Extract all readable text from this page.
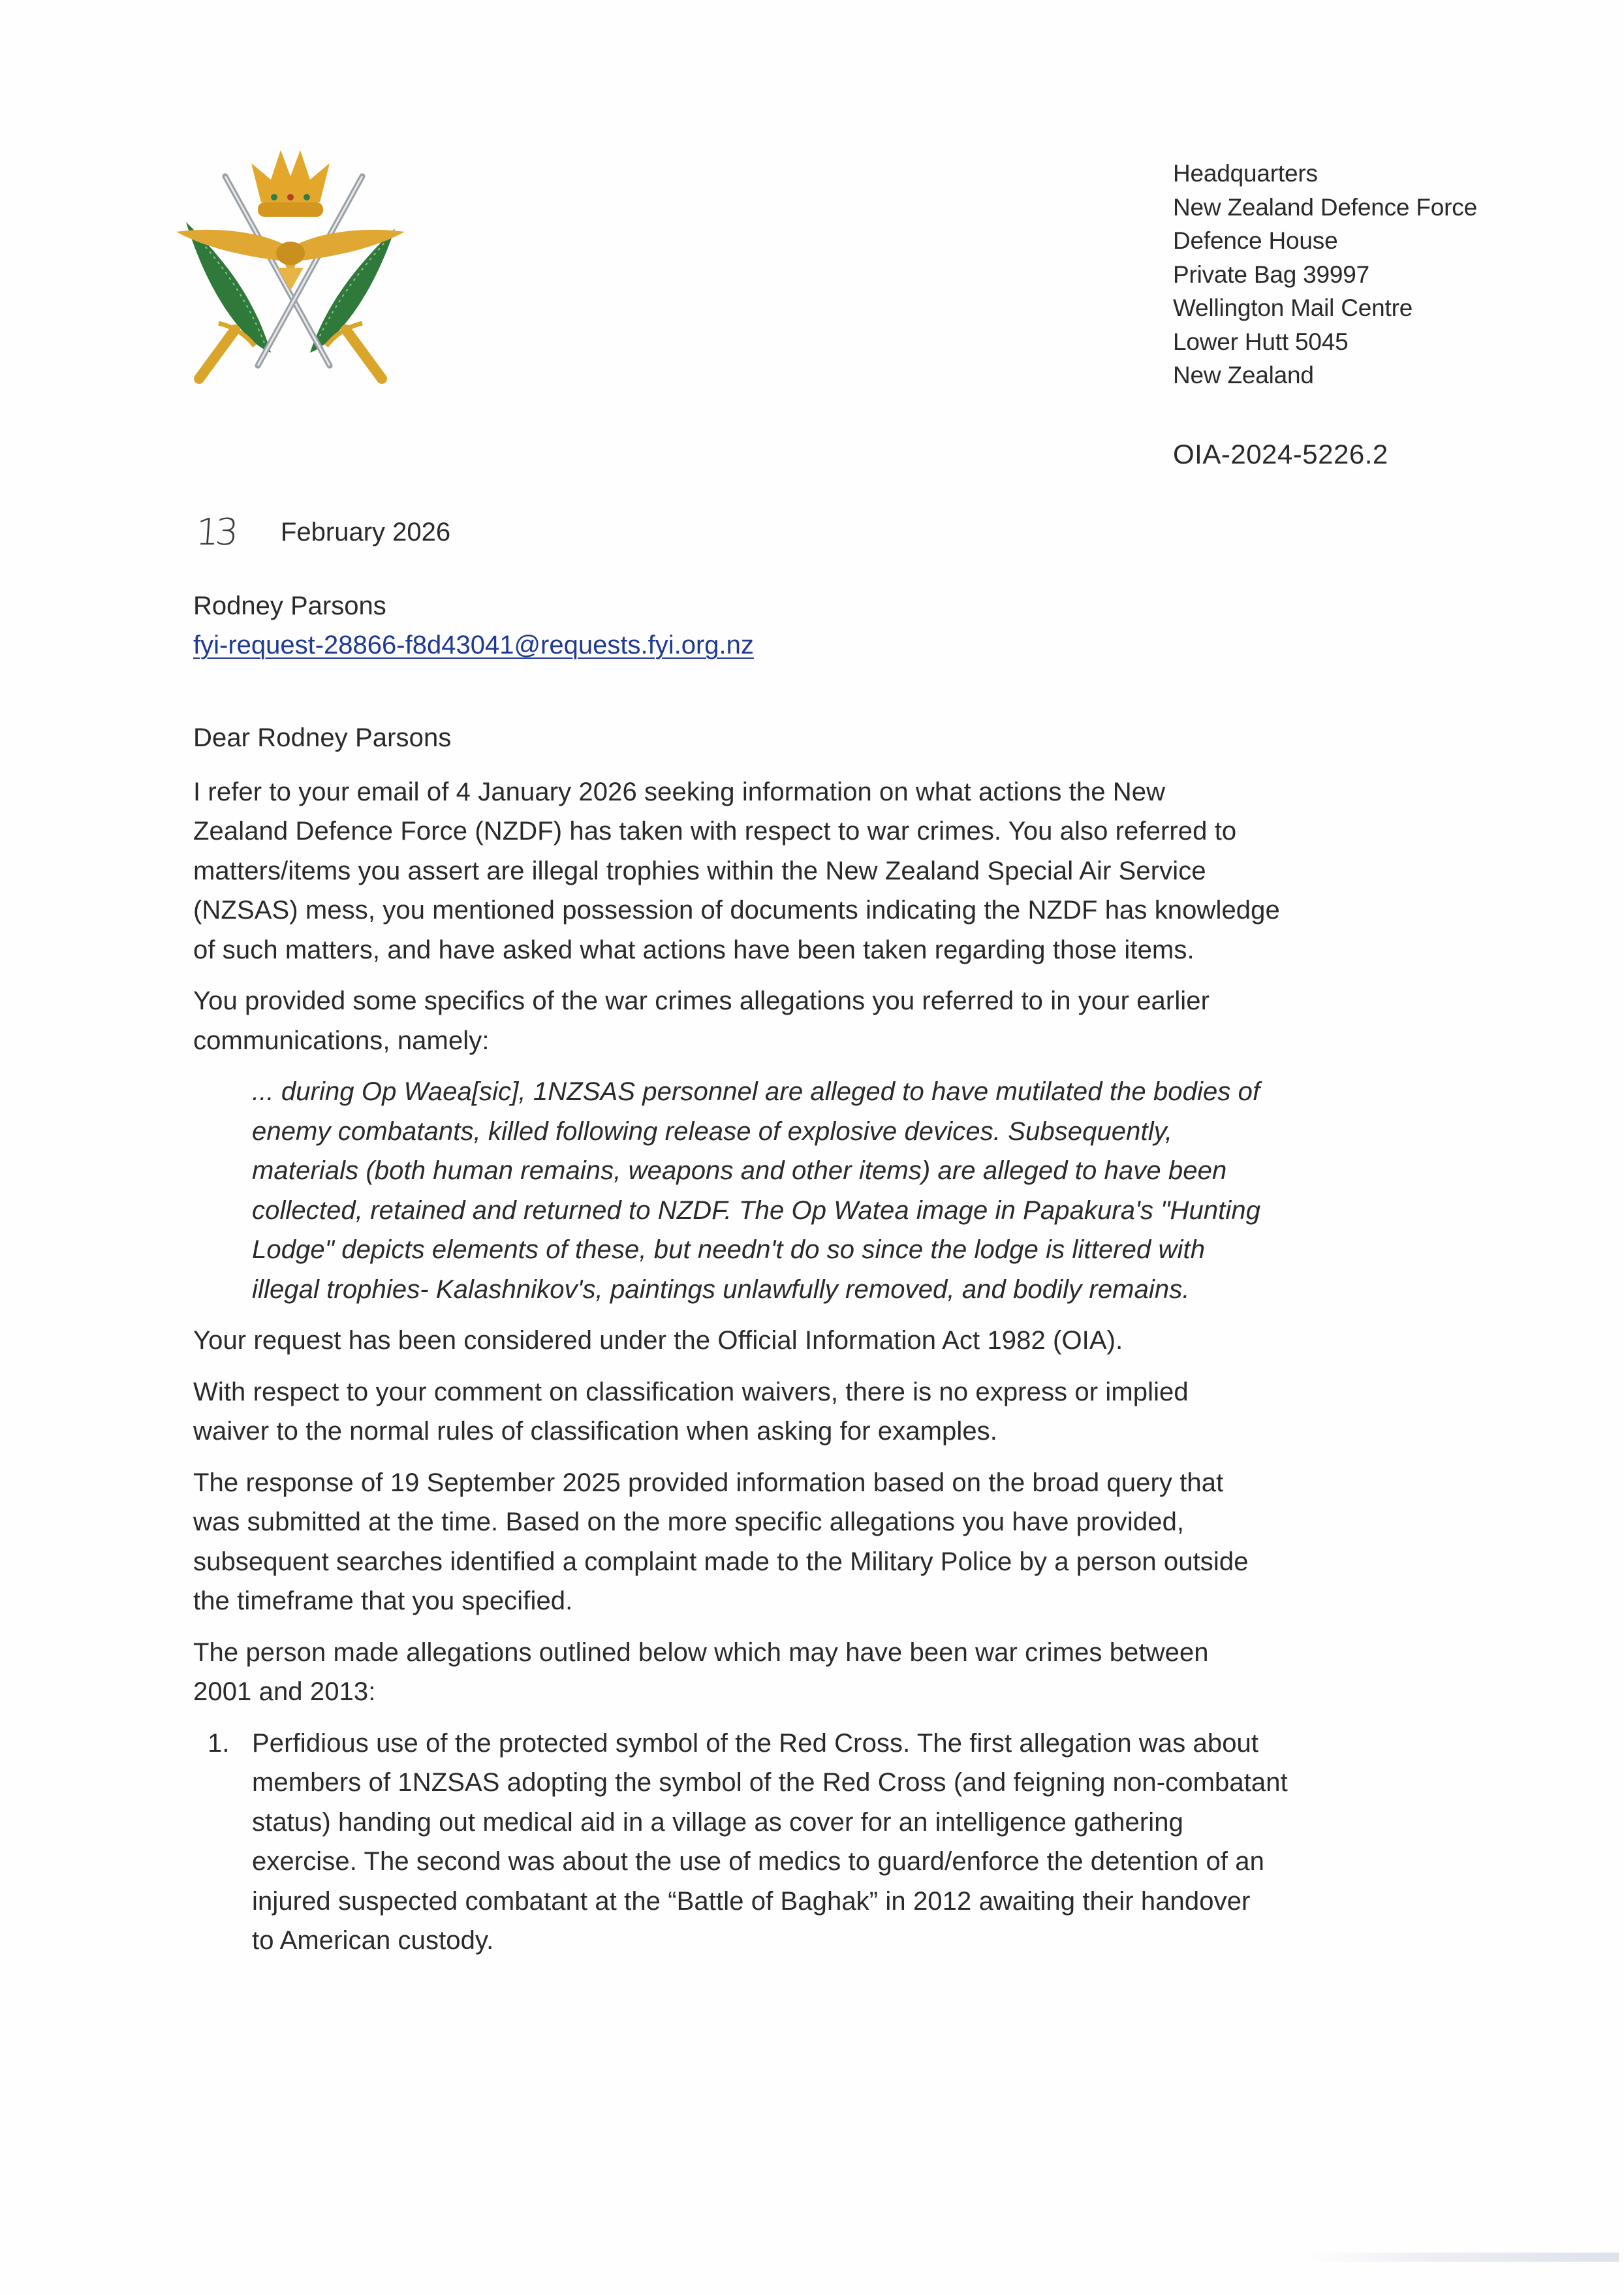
Headquarters
New Zealand Defence Force
Defence House
Private Bag 39997
Wellington Mail Centre
Lower Hutt 5045
New Zealand
OIA-2024-5226.2
13	February 2026
Rodney Parsons
fyi-request-28866-f8d43041@requests.fyi.org.nz

Dear Rodney Parsons

I refer to your email of 4 January 2026 seeking information on what actions the New
Zealand Defence Force (NZDF) has taken with respect to war crimes. You also referred to
matters/items you assert are illegal trophies within the New Zealand Special Air Service
(NZSAS) mess, you mentioned possession of documents indicating the NZDF has knowledge
of such matters, and have asked what actions have been taken regarding those items.

You provided some specifics of the war crimes allegations you referred to in your earlier
communications, namely:

... during Op Waea[sic], 1NZSAS personnel are alleged to have mutilated the bodies of
enemy combatants, killed following release of explosive devices. Subsequently,
materials (both human remains, weapons and other items) are alleged to have been
collected, retained and returned to NZDF. The Op Watea image in Papakura's "Hunting
Lodge" depicts elements of these, but needn't do so since the lodge is littered with
illegal trophies- Kalashnikov's, paintings unlawfully removed, and bodily remains.

Your request has been considered under the Official Information Act 1982 (OIA).

With respect to your comment on classification waivers, there is no express or implied
waiver to the normal rules of classification when asking for examples.

The response of 19 September 2025 provided information based on the broad query that
was submitted at the time. Based on the more specific allegations you have provided,
subsequent searches identified a complaint made to the Military Police by a person outside
the timeframe that you specified.

The person made allegations outlined below which may have been war crimes between
2001 and 2013:

1. Perfidious use of the protected symbol of the Red Cross. The first allegation was about
members of 1NZSAS adopting the symbol of the Red Cross (and feigning non-combatant
status) handing out medical aid in a village as cover for an intelligence gathering
exercise. The second was about the use of medics to guard/enforce the detention of an
injured suspected combatant at the “Battle of Baghak” in 2012 awaiting their handover
to American custody.
